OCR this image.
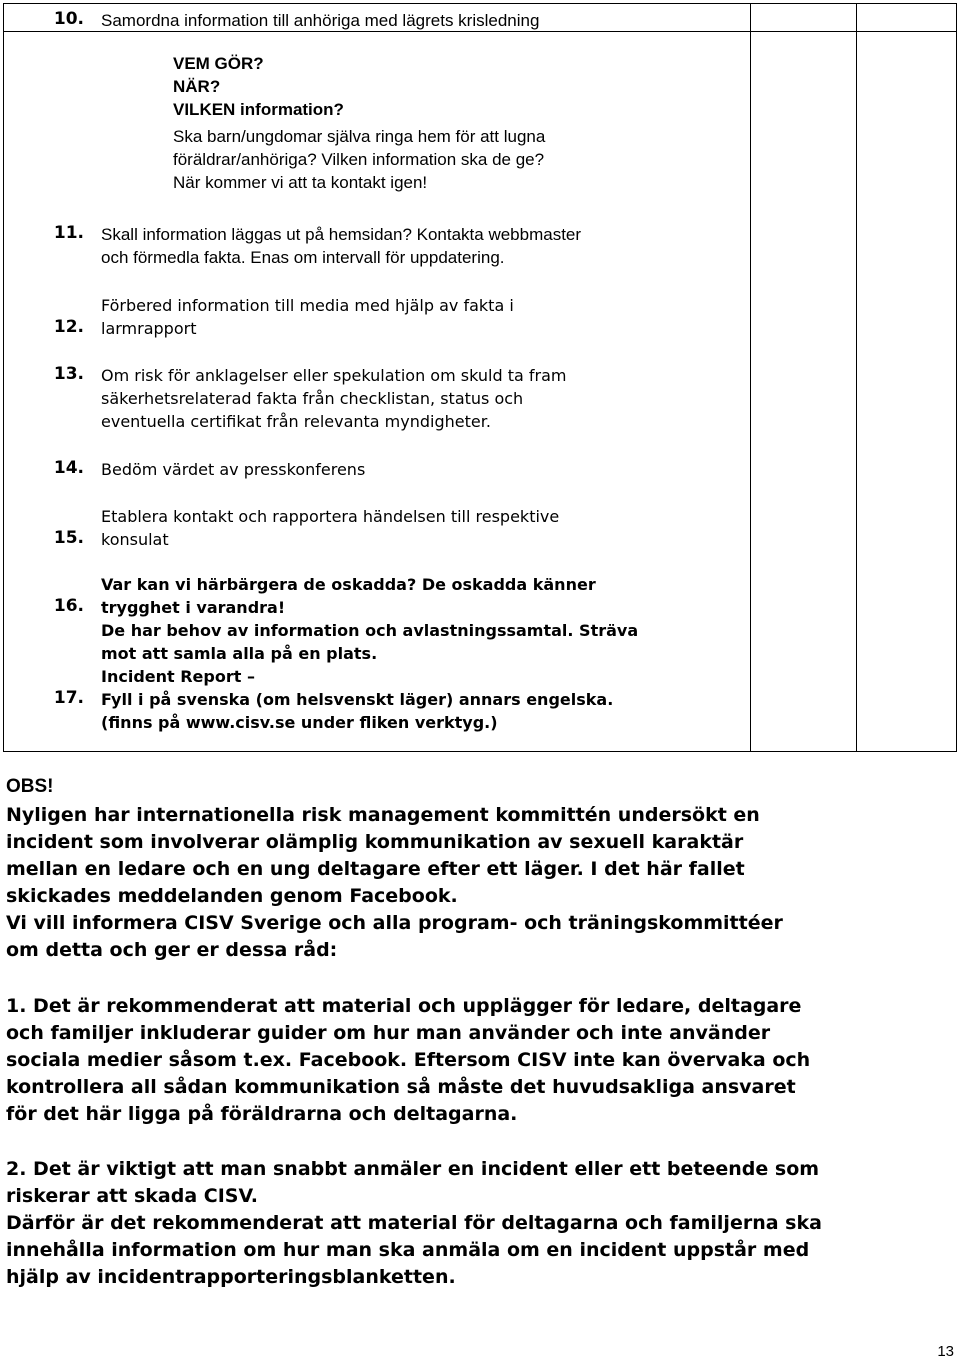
10. Samordna information till anhöriga med lägrets krisledning
VEM GÖR?
NÄR?
VILKEN information?
Ska barn/ungdomar själva ringa hem för att lugna
föräldrar/anhöriga? Vilken information ska de ge?
När kommer vi att ta kontakt igen!
11. Skall information läggas ut på hemsidan? Kontakta webbmaster
och förmedla fakta. Enas om intervall för uppdatering.
12.
Förbered information till media med hjälp av fakta i
larmrapport
13. Om risk för anklagelser eller spekulation om skuld ta fram
säkerhetsrelaterad fakta från checklistan, status och
eventuella certifikat från relevanta myndigheter.
14. Bedöm värdet av presskonferens
15.
Etablera kontakt och rapportera händelsen till respektive
konsulat
16.
Var kan vi härbärgera de oskadda? De oskadda känner
trygghet i varandra!
De har behov av information och avlastningssamtal. Sträva
mot att samla alla på en plats.
17.
Incident Report –
Fyll i på svenska (om helsvenskt läger) annars engelska.
(finns på www.cisv.se under fliken verktyg.)
OBS!
Nyligen har internationella risk management kommittén undersökt en
incident som involverar olämplig kommunikation av sexuell karaktär
mellan en ledare och en ung deltagare efter ett läger. I det här fallet
skickades meddelanden genom Facebook.
Vi vill informera CISV Sverige och alla program- och träningskommittéer
om detta och ger er dessa råd:
1. Det är rekommenderat att material och upplägger för ledare, deltagare
och familjer inkluderar guider om hur man använder och inte använder
sociala medier såsom t.ex. Facebook. Eftersom CISV inte kan övervaka och
kontrollera all sådan kommunikation så måste det huvudsakliga ansvaret
för det här ligga på föräldrarna och deltagarna.
2. Det är viktigt att man snabbt anmäler en incident eller ett beteende som
riskerar att skada CISV.
Därför är det rekommenderat att material för deltagarna och familjerna ska
innehålla information om hur man ska anmäla om en incident uppstår med
hjälp av incidentrapporteringsblanketten.
13
